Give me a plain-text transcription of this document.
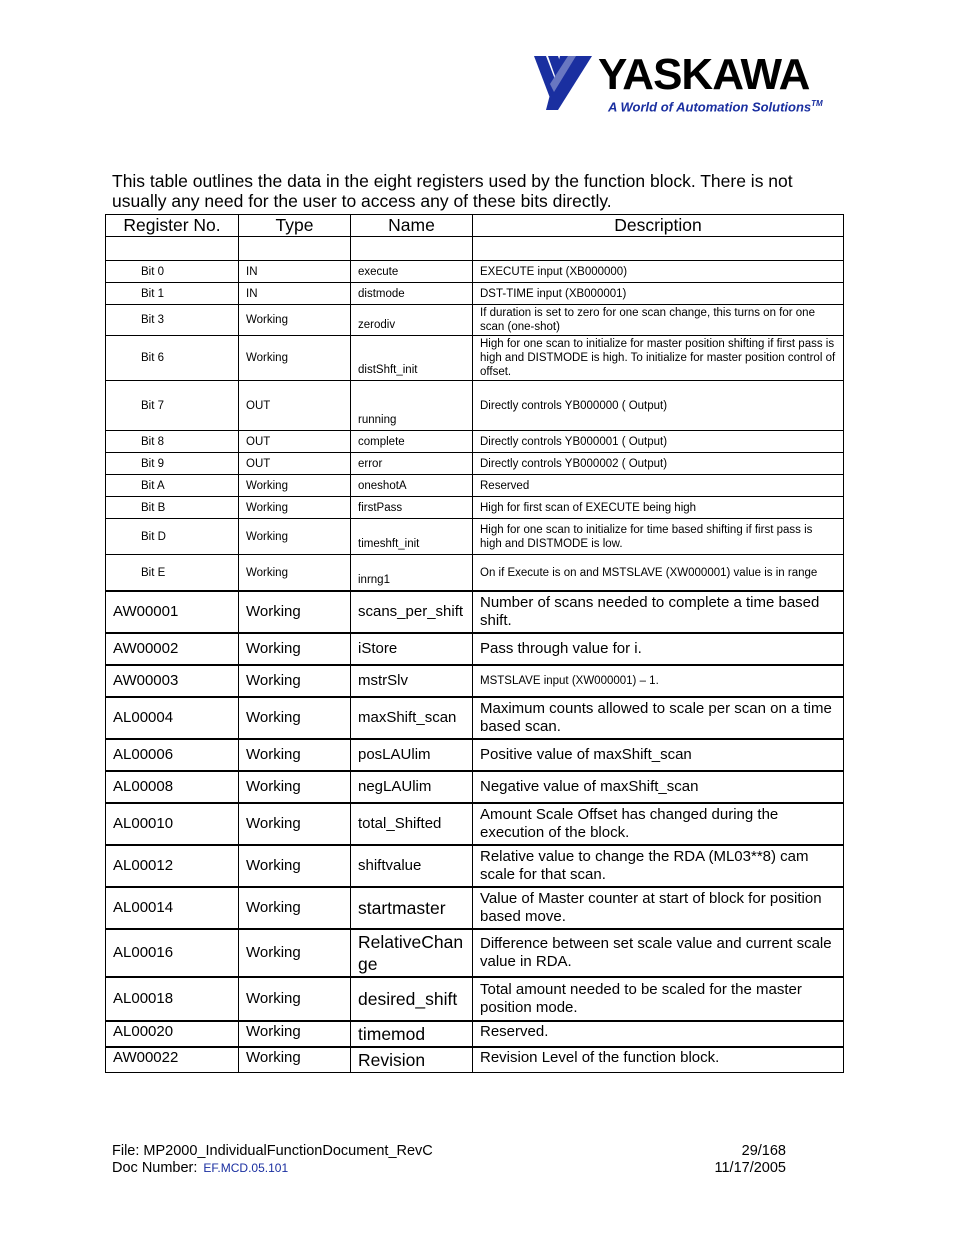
YASKAWA
A World of Automation Solutions™
This table outlines the data in the eight registers used by the function block. There is not usually any need for the user to access any of these bits directly.
Register No.	Type	Name	Description

Bit 0	IN	execute	EXECUTE input (XB000000)
Bit 1	IN	distmode	DST-TIME input (XB000001)
Bit 3	Working	zerodiv	If duration is set to zero for one scan change, this turns on for one scan (one-shot)
Bit 6	Working	distShft_init	High for one scan to initialize for master position shifting if first pass is high and DISTMODE is high. To initialize for master position control of offset.
Bit 7	OUT	running	Directly controls YB000000 ( Output)
Bit 8	OUT	complete	Directly controls YB000001 ( Output)
Bit 9	OUT	error	Directly controls YB000002 ( Output)
Bit A	Working	oneshotA	Reserved
Bit B	Working	firstPass	High for first scan of EXECUTE being high
Bit D	Working	timeshft_init	High for one scan to initialize for time based shifting if first pass is high and DISTMODE is low.
Bit E	Working	inrng1	On if Execute is on and MSTSLAVE (XW000001) value is in range
AW00001	Working	scans_per_shift	Number of scans needed to complete a time based shift.
AW00002	Working	iStore	Pass through value for i.
AW00003	Working	mstrSlv	MSTSLAVE input (XW000001) – 1.
AL00004	Working	maxShift_scan	Maximum counts allowed to scale per scan on a time based scan.
AL00006	Working	posLAUlim	Positive value of maxShift_scan
AL00008	Working	negLAUlim	Negative value of maxShift_scan
AL00010	Working	total_Shifted	Amount Scale Offset has changed during the execution of the block.
AL00012	Working	shiftvalue	Relative value to change the RDA (ML03**8) cam scale for that scan.
AL00014	Working	startmaster	Value of Master counter at start of block for position based move.
AL00016	Working	RelativeChange	Difference between set scale value and current scale value in RDA.
AL00018	Working	desired_shift	Total amount needed to be scaled for the master position mode.
AL00020	Working	timemod	Reserved.
AW00022	Working	Revision	Revision Level of the function block.
File: MP2000_IndividualFunctionDocument_RevC
Doc Number: EF.MCD.05.101
29/168
11/17/2005
